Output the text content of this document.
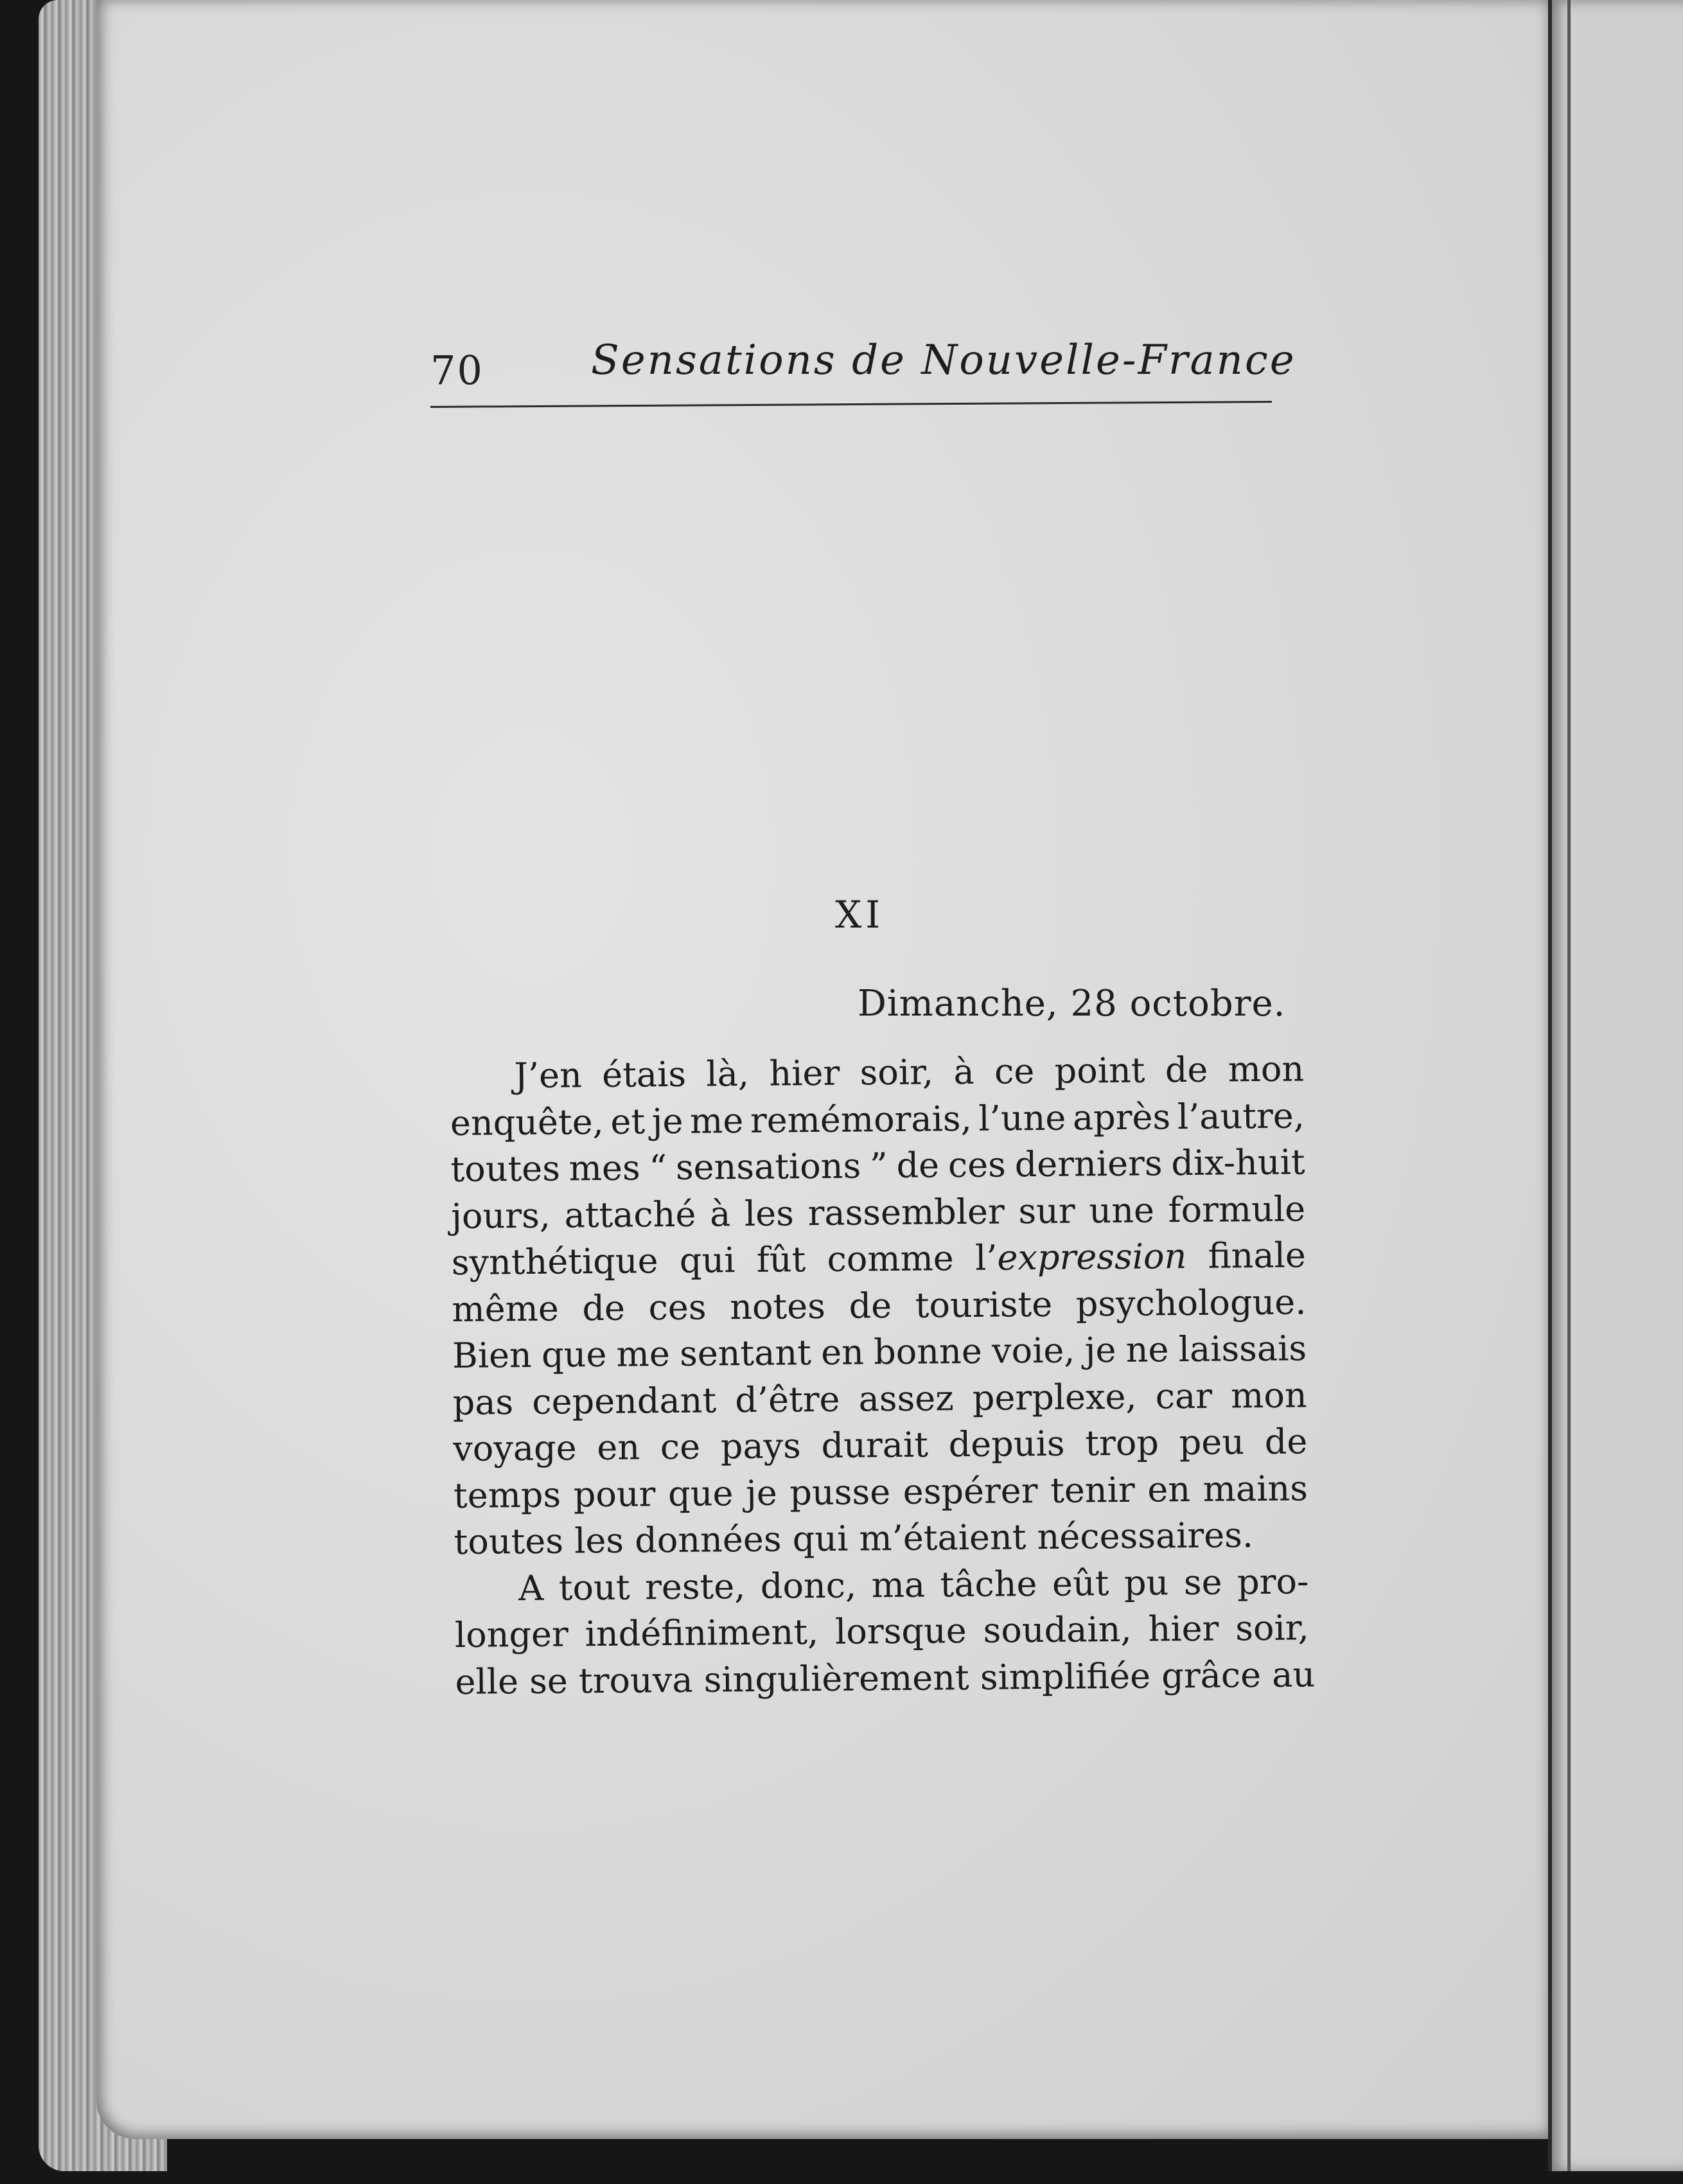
70	Sensations de Nouvelle-France
XI
Dimanche, 28 octobre.
J’en étais là, hier soir, à ce point de mon
enquête, et je me remémorais, l’une après l’autre,
toutes mes “ sensations ” de ces derniers dix-huit
jours, attaché à les rassembler sur une formule
synthétique qui fût comme l’expression finale
même de ces notes de touriste psychologue.
Bien que me sentant en bonne voie, je ne laissais
pas cependant d’être assez perplexe, car mon
voyage en ce pays durait depuis trop peu de
temps pour que je pusse espérer tenir en mains
toutes les données qui m’étaient nécessaires.
A tout reste, donc, ma tâche eût pu se pro-
longer indéfiniment, lorsque soudain, hier soir,
elle se trouva singulièrement simplifiée grâce au
